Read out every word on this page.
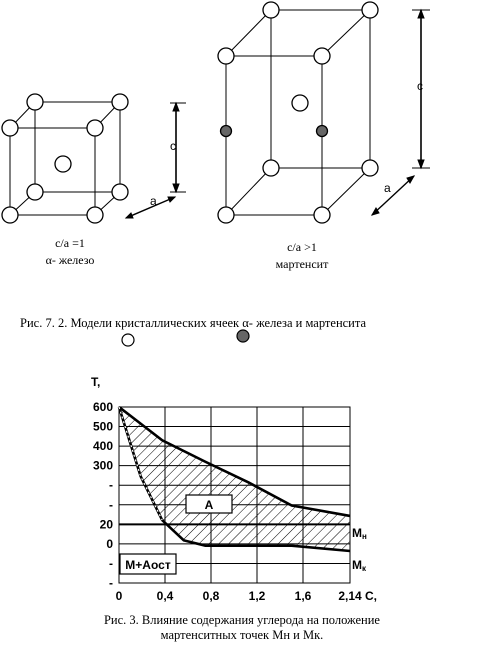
c
a
c
a
0	0,4 0,8 1,2 1,6 2,14
600
500
400
300
-
-
20
0
-
-
T,
C,
A
M+Aост
Mн
Mк
c/a =1
α- железо
c/a >1
мартенсит
Рис. 7. 2. Модели кристаллических ячеек α- железа и мартенсита
Рис. 3. Влияние содержания углерода на положение
мартенситных точек Мн и Мк.
